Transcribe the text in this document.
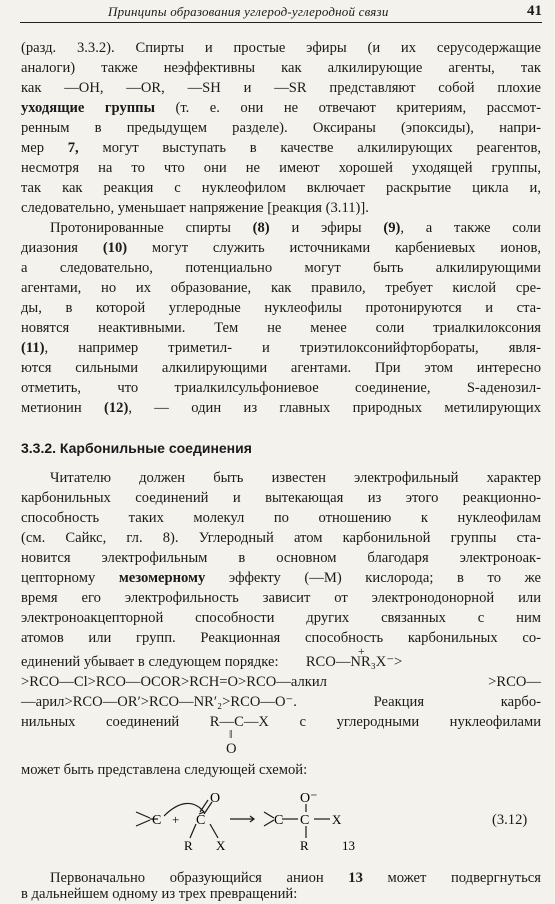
Принципы образования углерод-углеродной связи	41
(разд. 3.3.2). Спирты и простые эфиры (и их серусодержащие
аналоги) также неэффективны как алкилирующие агенты, так
как —OH, —OR, —SH и —SR представляют собой плохие
уходящие группы (т. е. они не отвечают критериям, рассмот-
ренным в предыдущем разделе). Оксираны (эпоксиды), напри-
мер 7, могут выступать в качестве алкилирующих реагентов,
несмотря на то что они не имеют хорошей уходящей группы,
так как реакция с нуклеофилом включает раскрытие цикла и,
следовательно, уменьшает напряжение [реакция (3.11)].
Протонированные спирты (8) и эфиры (9), а также соли
диазония (10) могут служить источниками карбениевых ионов,
а следовательно, потенциально могут быть алкилирующими
агентами, но их образование, как правило, требует кислой сре-
ды, в которой углеродные нуклеофилы протонируются и ста-
новятся неактивными. Тем не менее соли триалкилоксония
(11), например триметил- и триэтилоксонийфторбораты, явля-
ются сильными алкилирующими агентами. При этом интересно
отметить, что триалкилсульфониевое соединение, S-аденозил-
метионин (12), — один из главных природных метилирующих
3.3.2. Карбонильные соединения
Читателю должен быть известен электрофильный характер
карбонильных соединений и вытекающая из этого реакционно-
способность таких молекул по отношению к нуклеофилам
(см. Сайкс, гл. 8). Углеродный атом карбонильной группы ста-
новится электрофильным в основном благодаря электроноак-
цепторному мезомерному эффекту (—M) кислорода; в то же
время его электрофильность зависит от электронодонорной или
электроноакцепторной способности других связанных с ним
атомов или групп. Реакционная способность карбонильных со-
единений убывает в следующем порядке: RCO—NR₃X⁻>
+
>RCO—Cl>RCO—OCOR>RCH=O>RCO—алкил >RCO—
—арил>RCO—OR′>RCO—NR′₂>RCO—O⁻. Реакция карбо-
нильных соединений R—C—X с углеродными нуклеофилами
‖
O
может быть представлена следующей схемой:
C + C
O
R X
C C
O⁻
R
X
13
(3.12)
Первоначально образующийся анион 13 может подвергнуться
в дальнейшем одному из трех превращений:
